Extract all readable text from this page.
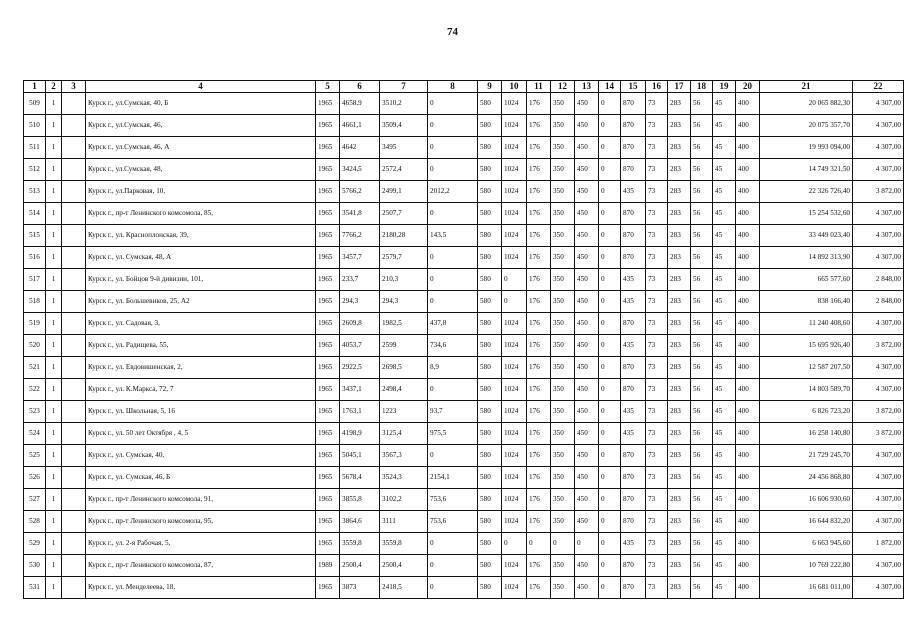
74
1	2	3	4	5	6	7	8	9	10	11	12	13	14	15	16	17	18	19	20	21	22
509	1		Курск г., ул.Сумская, 40, Б	1965	4658,9	3510,2	0	580	1024	176	350	450	0	870	73	283	56	45	400	20 065 882,30	4 307,00
510	1		Курск г., ул.Сумская, 46,	1965	4661,1	3509,4	0	580	1024	176	350	450	0	870	73	283	56	45	400	20 075 357,70	4 307,00
511	1		Курск г., ул.Сумская, 46, А	1965	4642	3495	0	580	1024	176	350	450	0	870	73	283	56	45	400	19 993 094,00	4 307,00
512	1		Курск г., ул.Сумская, 48,	1965	3424,5	2572,4	0	580	1024	176	350	450	0	870	73	283	56	45	400	14 749 321,50	4 307,00
513	1		Курск г., ул.Парковая, 10,	1965	5766,2	2499,1	2012,2	580	1024	176	350	450	0	435	73	283	56	45	400	22 326 726,40	3 872,00
514	1		Курск г., пр-т Ленинского комсомола, 85,	1965	3541,8	2507,7	0	580	1024	176	350	450	0	870	73	283	56	45	400	15 254 532,60	4 307,00
515	1		Курск г., ул. Красноплонская, 39,	1965	7766,2	2180,28	143,5	580	1024	176	350	450	0	870	73	283	56	45	400	33 449 023,40	4 307,00
516	1		Курск г., ул. Сумская, 48, А	1965	3457,7	2579,7	0	580	1024	176	350	450	0	870	73	283	56	45	400	14 892 313,90	4 307,00
517	1		Курск г., ул. Бойцов 9-й дивизии, 101,	1965	233,7	210,3	0	580	0	176	350	450	0	435	73	283	56	45	400	665 577,60	2 848,00
518	1		Курск г., ул. Большевиков, 25, А2	1965	294,3	294,3	0	580	0	176	350	450	0	435	73	283	56	45	400	838 166,40	2 848,00
519	1		Курск г., ул. Садовая, 3,	1965	2609,8	1982,5	437,8	580	1024	176	350	450	0	870	73	283	56	45	400	11 240 408,60	4 307,00
520	1		Курск г., ул. Радищева, 55,	1965	4053,7	2599	734,6	580	1024	176	350	450	0	435	73	283	56	45	400	15 695 926,40	3 872,00
521	1		Курск г., ул. Евдовишенская, 2,	1965	2922,5	2698,5	8,9	580	1024	176	350	450	0	870	73	283	56	45	400	12 587 207,50	4 307,00
522	1		Курск г., ул. К.Маркса, 72, 7	1965	3437,1	2498,4	0	580	1024	176	350	450	0	870	73	283	56	45	400	14 803 589,70	4 307,00
523	1		Курск г., ул. Школьная, 5, 16	1965	1763,1	1223	93,7	580	1024	176	350	450	0	435	73	283	56	45	400	6 826 723,20	3 872,00
524	1		Курск г., ул. 50 лет Октября , 4, 5	1965	4198,9	3125,4	975,5	580	1024	176	350	450	0	435	73	283	56	45	400	16 258 140,80	3 872,00
525	1		Курск г., ул. Сумская, 40,	1965	5045,1	3567,3	0	580	1024	176	350	450	0	870	73	283	56	45	400	21 729 245,70	4 307,00
526	1		Курск г., ул. Сумская, 46, Б	1965	5678,4	3524,3	2154,1	580	1024	176	350	450	0	870	73	283	56	45	400	24 456 868,80	4 307,00
527	1		Курск г., пр-т Ленинского комсомола, 91,	1965	3855,8	3102,2	753,6	580	1024	176	350	450	0	870	73	283	56	45	400	16 606 930,60	4 307,00
528	1		Курск г., пр-т Ленинского комсомола, 95,	1965	3864,6	3111	753,6	580	1024	176	350	450	0	870	73	283	56	45	400	16 644 832,20	4 307,00
529	1		Курск г., ул. 2-я Рабочая, 5,	1965	3559,8	3559,8	0	580	0	0	0	0	0	435	73	283	56	45	400	6 663 945,60	1 872,00
530	1		Курск г., пр-т Ленинского комсомола, 87,	1989	2500,4	2500,4	0	580	1024	176	350	450	0	870	73	283	56	45	400	10 769 222,80	4 307,00
531	1		Курск г., ул. Менделеева, 18,	1965	3873	2418,5	0	580	1024	176	350	450	0	870	73	283	56	45	400	16 681 011,00	4 307,00
